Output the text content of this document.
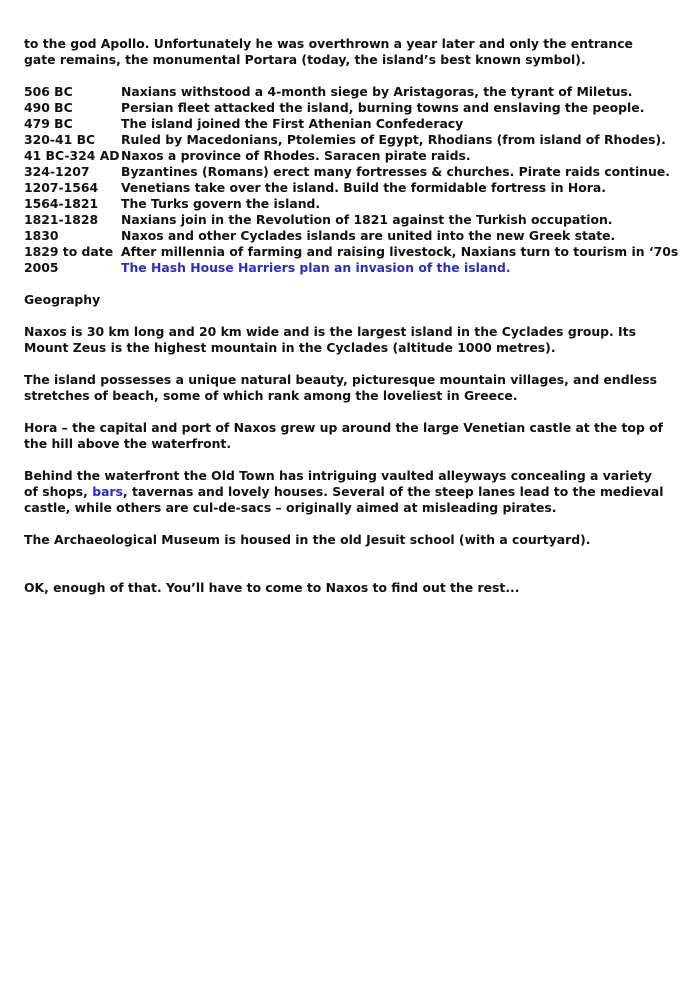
to the god Apollo. Unfortunately he was overthrown a year later and only the entrance gate remains, the monumental Portara (today, the island’s best known symbol).

506 BC	Naxians withstood a 4-month siege by Aristagoras, the tyrant of Miletus.
490 BC	Persian fleet attacked the island, burning towns and enslaving the people.
479 BC	The island joined the First Athenian Confederacy
320-41 BC	Ruled by Macedonians, Ptolemies of Egypt, Rhodians (from island of Rhodes).
41 BC-324 AD Naxos a province of Rhodes. Saracen pirate raids.
324-1207	Byzantines (Romans) erect many fortresses & churches. Pirate raids continue.
1207-1564	Venetians take over the island. Build the formidable fortress in Hora.
1564-1821	The Turks govern the island.
1821-1828	Naxians join in the Revolution of 1821 against the Turkish occupation.
1830	Naxos and other Cyclades islands are united into the new Greek state.
1829 to date After millennia of farming and raising livestock, Naxians turn to tourism in ‘70s
2005	The Hash House Harriers plan an invasion of the island.

Geography

Naxos is 30 km long and 20 km wide and is the largest island in the Cyclades group. Its Mount Zeus is the highest mountain in the Cyclades (altitude 1000 metres).

The island possesses a unique natural beauty, picturesque mountain villages, and endless stretches of beach, some of which rank among the loveliest in Greece.

Hora – the capital and port of Naxos grew up around the large Venetian castle at the top of the hill above the waterfront.

Behind the waterfront the Old Town has intriguing vaulted alleyways concealing a variety of shops, bars, tavernas and lovely houses. Several of the steep lanes lead to the medieval castle, while others are cul-de-sacs – originally aimed at misleading pirates.

The Archaeological Museum is housed in the old Jesuit school (with a courtyard).

OK, enough of that. You’ll have to come to Naxos to find out the rest...
